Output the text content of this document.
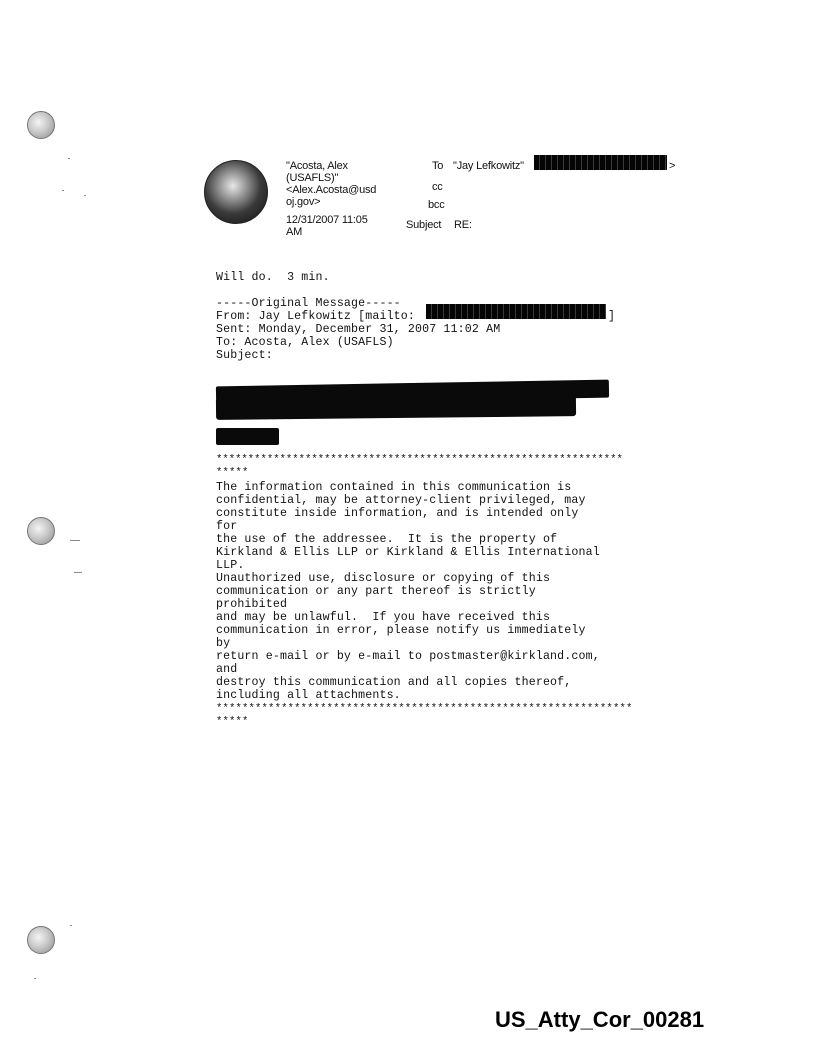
"Acosta, Alex
(USAFLS)"
<Alex.Acosta@usd
oj.gov>
12/31/2007 11:05
AM
To "Jay Lefkowitz"	>
cc
bcc
Subject RE:
Will do.  3 min.
-----Original Message-----
From: Jay Lefkowitz [mailto:	]
Sent: Monday, December 31, 2007 11:02 AM
To: Acosta, Alex (USAFLS)
Subject:
****************************************************************
*****
The information contained in this communication is
confidential, may be attorney-client privileged, may
constitute inside information, and is intended only
for
the use of the addressee.  It is the property of
Kirkland & Ellis LLP or Kirkland & Ellis International
LLP.
Unauthorized use, disclosure or copying of this
communication or any part thereof is strictly
prohibited
and may be unlawful.  If you have received this
communication in error, please notify us immediately
by
return e-mail or by e-mail to postmaster@kirkland.com,
and
destroy this communication and all copies thereof,
including all attachments.
****************************************************************
*****
US_Atty_Cor_00281
